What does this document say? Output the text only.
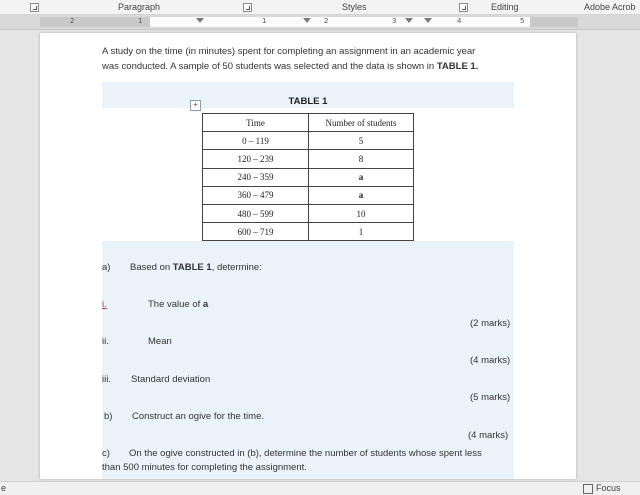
Paragraph	Styles	Editing	Adobe Acrob
2	1	1	2	3	4	5
A study on the time (in minutes) spent for completing an assignment in an academic year
was conducted. A sample of 50 students was selected and the data is shown in TABLE 1.
TABLE 1
+
Time	Number of students
0 – 119	5
120 – 239	8
240 – 359	a
360 – 479	a
480 – 599	10
600 – 719	1
a) Based on TABLE 1, determine:
i.	The value of a
(2 marks)
ii.	Mean
(4 marks)
iii. Standard deviation
(5 marks)
b) Construct an ogive for the time.
(4 marks)
c) On the ogive constructed in (b), determine the number of students whose spent less
than 500 minutes for completing the assignment.
e	Focus
